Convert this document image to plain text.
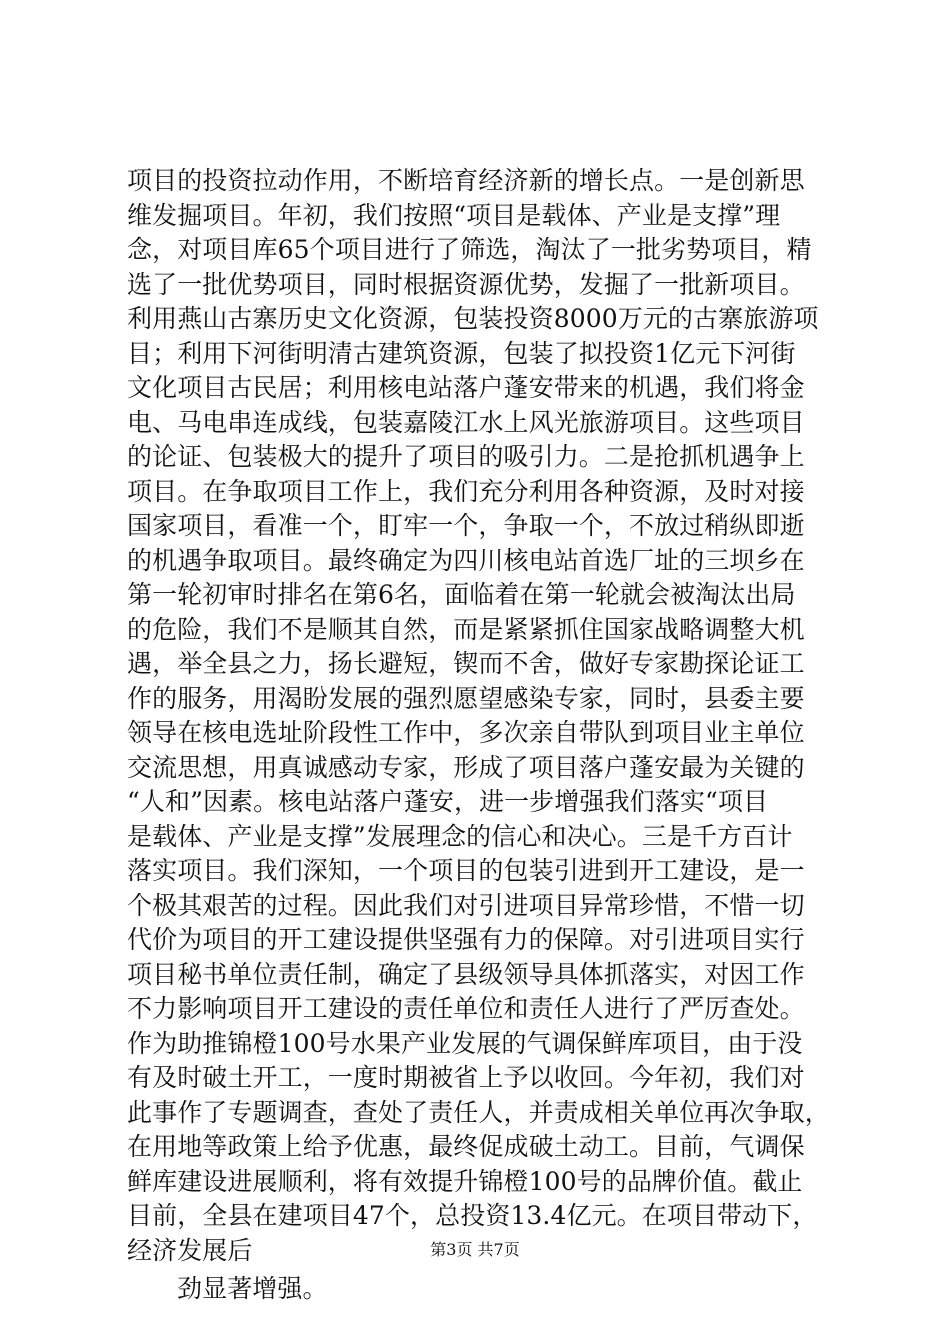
项目的投资拉动作用，不断培育经济新的增长点。一是创新思
维发掘项目。年初，我们按照“项目是载体、产业是支撑”理
念，对项目库65个项目进行了筛选，淘汰了一批劣势项目，精
选了一批优势项目，同时根据资源优势，发掘了一批新项目。
利用燕山古寨历史文化资源，包装投资8000万元的古寨旅游项
目；利用下河街明清古建筑资源，包装了拟投资1亿元下河街
文化项目古民居；利用核电站落户蓬安带来的机遇，我们将金
电、马电串连成线，包装嘉陵江水上风光旅游项目。这些项目
的论证、包装极大的提升了项目的吸引力。二是抢抓机遇争上
项目。在争取项目工作上，我们充分利用各种资源，及时对接
国家项目，看准一个，盯牢一个，争取一个，不放过稍纵即逝
的机遇争取项目。最终确定为四川核电站首选厂址的三坝乡在
第一轮初审时排名在第6名，面临着在第一轮就会被淘汰出局
的危险，我们不是顺其自然，而是紧紧抓住国家战略调整大机
遇，举全县之力，扬长避短，锲而不舍，做好专家勘探论证工
作的服务，用渴盼发展的强烈愿望感染专家，同时，县委主要
领导在核电选址阶段性工作中，多次亲自带队到项目业主单位
交流思想，用真诚感动专家，形成了项目落户蓬安最为关键的
“人和”因素。核电站落户蓬安，进一步增强我们落实“项目
是载体、产业是支撑”发展理念的信心和决心。三是千方百计
落实项目。我们深知，一个项目的包装引进到开工建设，是一
个极其艰苦的过程。因此我们对引进项目异常珍惜，不惜一切
代价为项目的开工建设提供坚强有力的保障。对引进项目实行
项目秘书单位责任制，确定了县级领导具体抓落实，对因工作
不力影响项目开工建设的责任单位和责任人进行了严厉查处。
作为助推锦橙100号水果产业发展的气调保鲜库项目，由于没
有及时破土开工，一度时期被省上予以收回。今年初，我们对
此事作了专题调查，查处了责任人，并责成相关单位再次争取，
在用地等政策上给予优惠，最终促成破土动工。目前，气调保
鲜库建设进展顺利，将有效提升锦橙100号的品牌价值。截止
目前，全县在建项目47个，总投资13.4亿元。在项目带动下，
经济发展后
劲显著增强。
第3页 共7页
